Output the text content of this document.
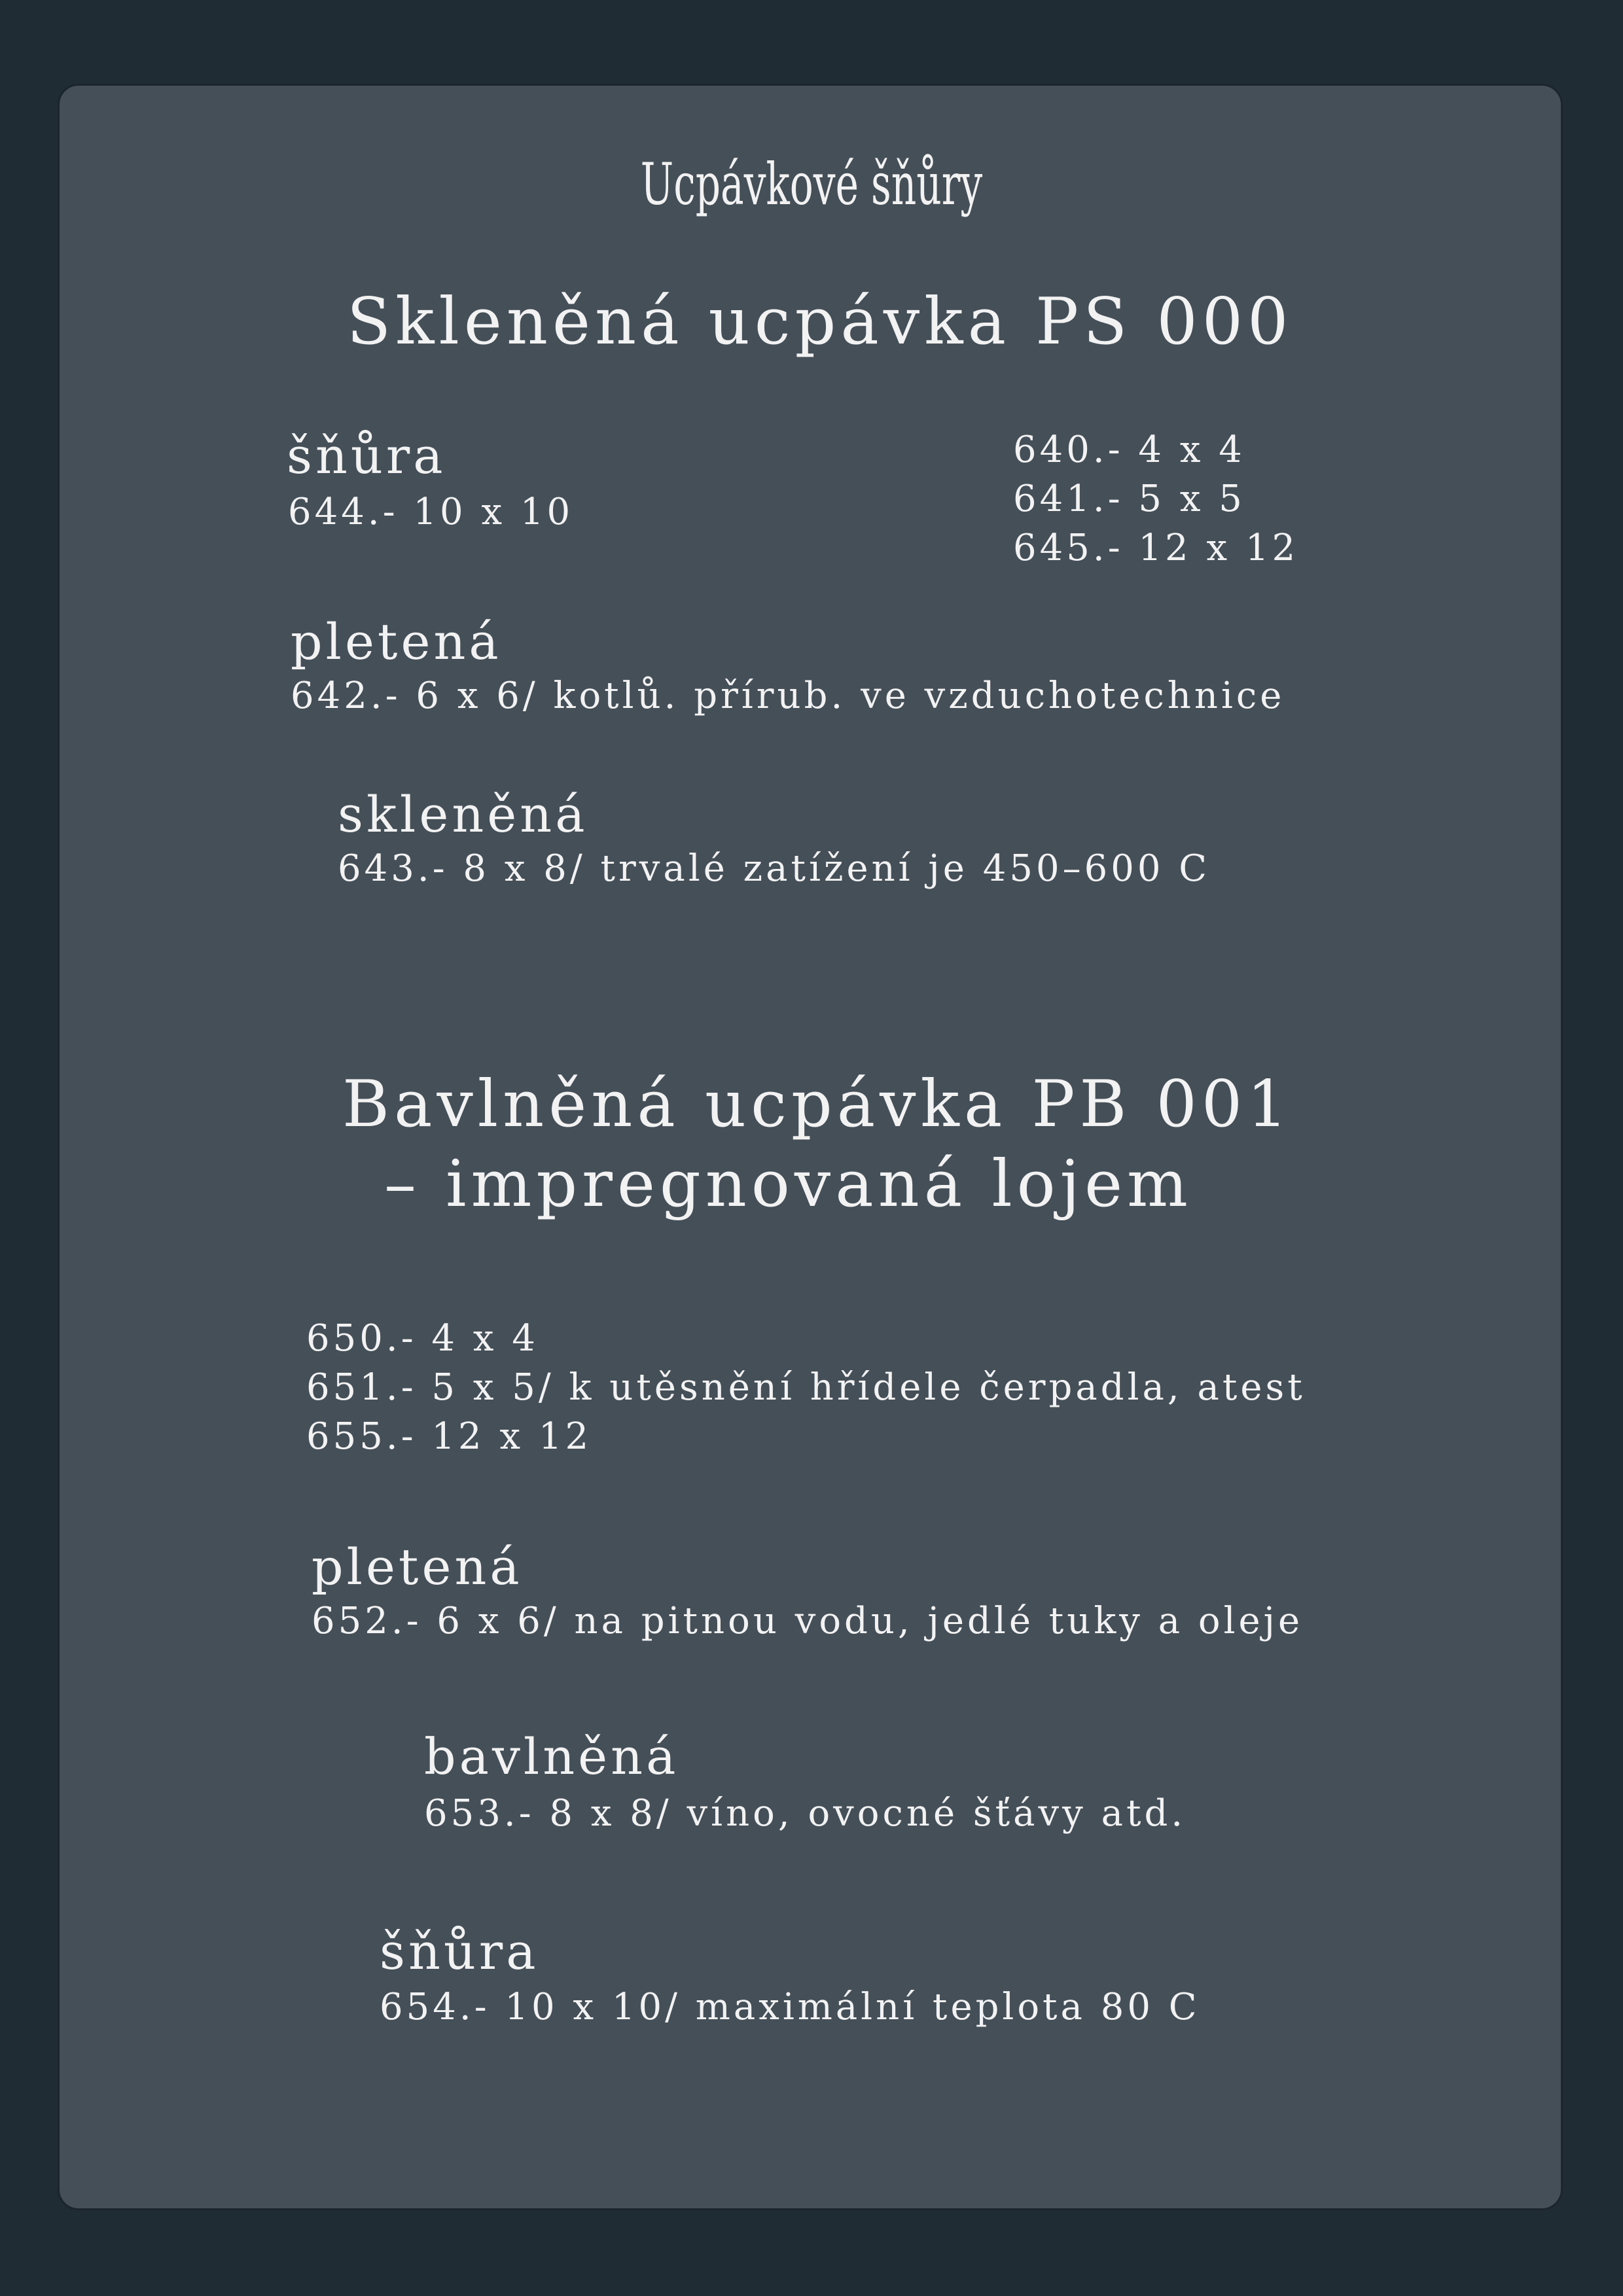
Ucpávkové šňůry
Skleněná ucpávka PS 000
šňůra
644.- 10 x 10
640.- 4 x 4
641.- 5 x 5
645.- 12 x 12
pletená
642.- 6 x 6/ kotlů. přírub. ve vzduchotechnice
skleněná
643.- 8 x 8/ trvalé zatížení je 450–600 C
Bavlněná ucpávka PB 001
– impregnovaná lojem
650.- 4 x 4
651.- 5 x 5/ k utěsnění hřídele čerpadla, atest
655.- 12 x 12
pletená
652.- 6 x 6/ na pitnou vodu, jedlé tuky a oleje
bavlněná
653.- 8 x 8/ víno, ovocné šťávy atd.
šňůra
654.- 10 x 10/ maximální teplota 80 C
